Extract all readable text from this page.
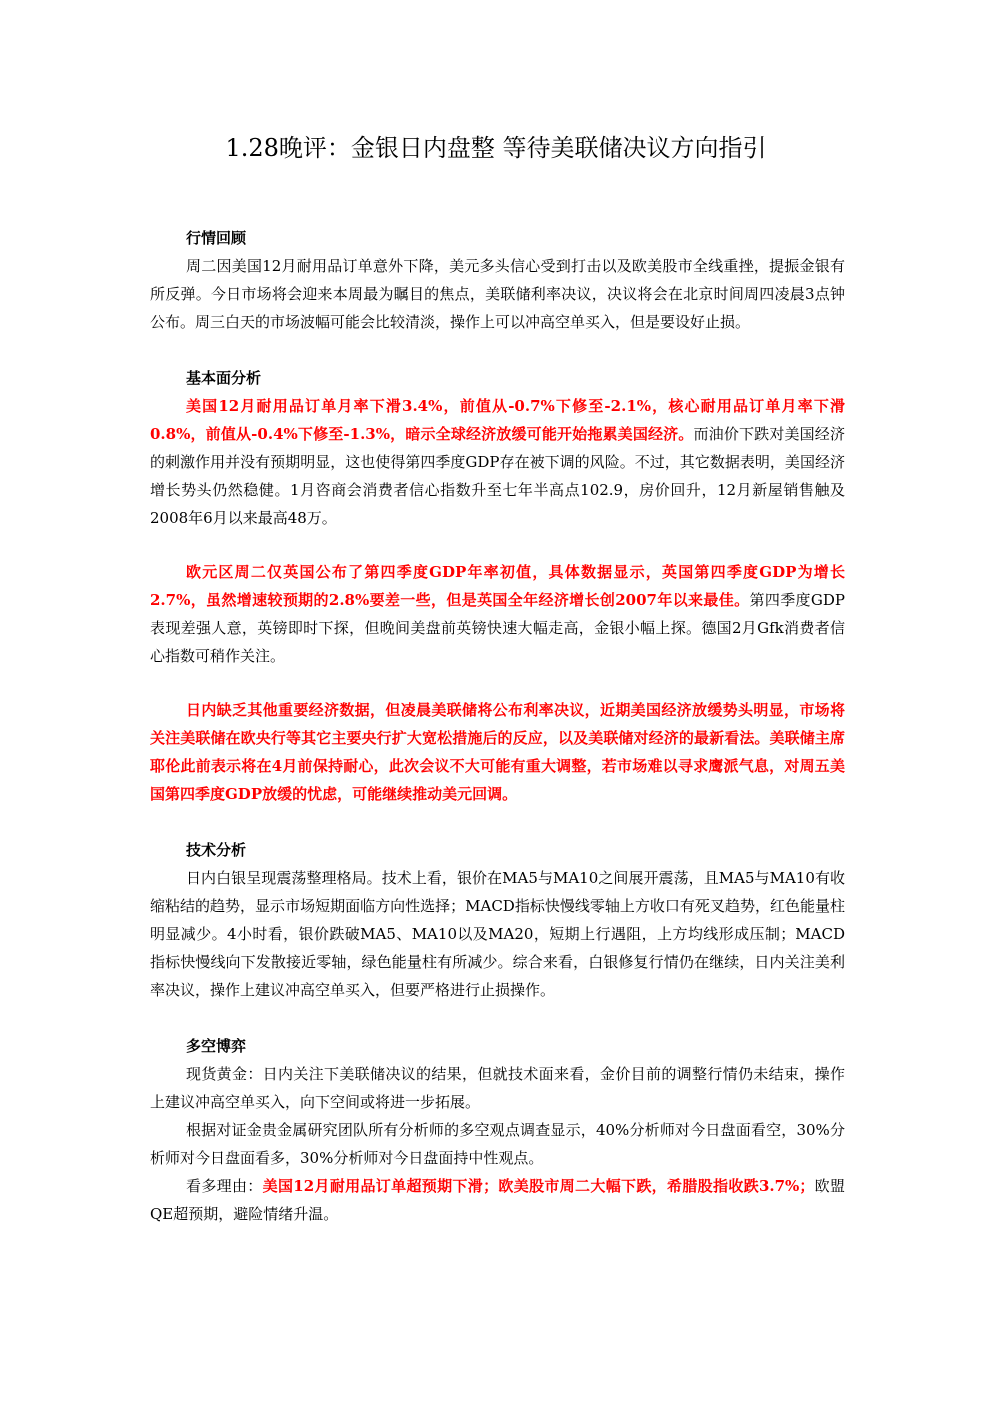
1.28晚评：金银日内盘整 等待美联储决议方向指引

行情回顾

周二因美国12月耐用品订单意外下降，美元多头信心受到打击以及欧美股市全线重挫，提振金银有所反弹。今日市场将会迎来本周最为瞩目的焦点，美联储利率决议，决议将会在北京时间周四凌晨3点钟公布。周三白天的市场波幅可能会比较清淡，操作上可以冲高空单买入，但是要设好止损。

基本面分析

美国12月耐用品订单月率下滑3.4%，前值从-0.7%下修至-2.1%，核心耐用品订单月率下滑0.8%，前值从-0.4%下修至-1.3%，暗示全球经济放缓可能开始拖累美国经济。而油价下跌对美国经济的刺激作用并没有预期明显，这也使得第四季度GDP存在被下调的风险。不过，其它数据表明，美国经济增长势头仍然稳健。1月咨商会消费者信心指数升至七年半高点102.9，房价回升，12月新屋销售触及2008年6月以来最高48万。

欧元区周二仅英国公布了第四季度GDP年率初值，具体数据显示，英国第四季度GDP为增长2.7%，虽然增速较预期的2.8%要差一些，但是英国全年经济增长创2007年以来最佳。第四季度GDP表现差强人意，英镑即时下探，但晚间美盘前英镑快速大幅走高，金银小幅上探。德国2月Gfk消费者信心指数可稍作关注。

日内缺乏其他重要经济数据，但凌晨美联储将公布利率决议，近期美国经济放缓势头明显，市场将关注美联储在欧央行等其它主要央行扩大宽松措施后的反应，以及美联储对经济的最新看法。美联储主席耶伦此前表示将在4月前保持耐心，此次会议不大可能有重大调整，若市场难以寻求鹰派气息，对周五美国第四季度GDP放缓的忧虑，可能继续推动美元回调。

技术分析

日内白银呈现震荡整理格局。技术上看，银价在MA5与MA10之间展开震荡，且MA5与MA10有收缩粘结的趋势，显示市场短期面临方向性选择；MACD指标快慢线零轴上方收口有死叉趋势，红色能量柱明显减少。4小时看，银价跌破MA5、MA10以及MA20，短期上行遇阻，上方均线形成压制；MACD指标快慢线向下发散接近零轴，绿色能量柱有所减少。综合来看，白银修复行情仍在继续，日内关注美利率决议，操作上建议冲高空单买入，但要严格进行止损操作。

多空博弈

现货黄金：日内关注下美联储决议的结果，但就技术面来看，金价目前的调整行情仍未结束，操作上建议冲高空单买入，向下空间或将进一步拓展。

根据对证金贵金属研究团队所有分析师的多空观点调查显示，40%分析师对今日盘面看空，30%分析师对今日盘面看多，30%分析师对今日盘面持中性观点。

看多理由：美国12月耐用品订单超预期下滑；欧美股市周二大幅下跌，希腊股指收跌3.7%；欧盟QE超预期，避险情绪升温。
